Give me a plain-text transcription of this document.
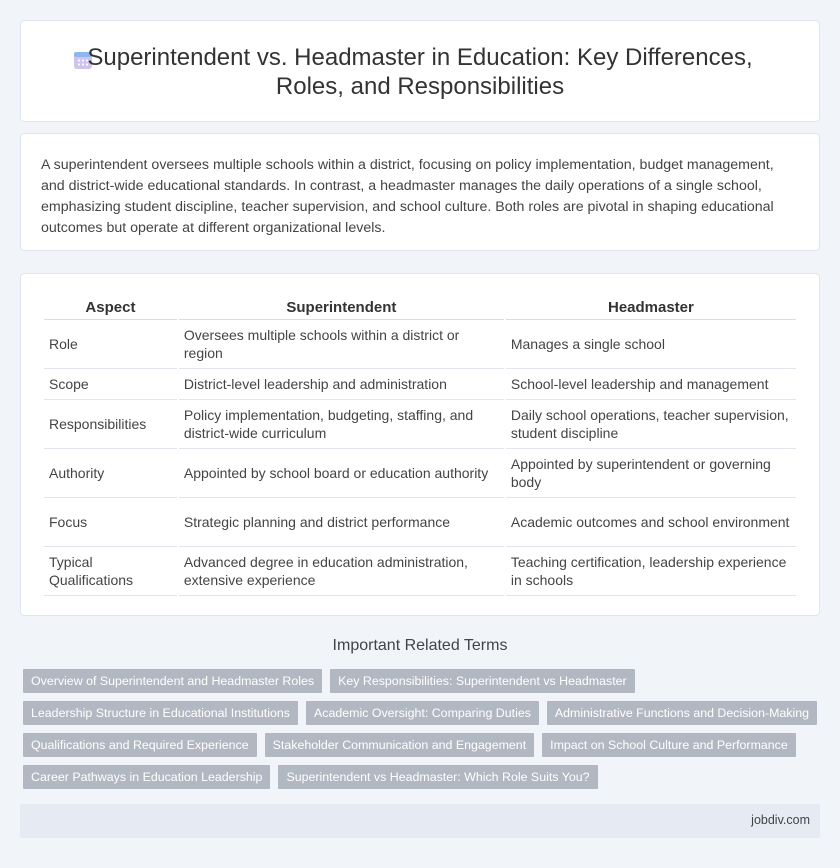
Superintendent vs. Headmaster in Education: Key Differences, Roles, and Responsibilities

A superintendent oversees multiple schools within a district, focusing on policy implementation, budget management, and district-wide educational standards. In contrast, a headmaster manages the daily operations of a single school, emphasizing student discipline, teacher supervision, and school culture. Both roles are pivotal in shaping educational outcomes but operate at different organizational levels.

Aspect	Superintendent	Headmaster
Role	Oversees multiple schools within a district or region	Manages a single school
Scope	District-level leadership and administration	School-level leadership and management
Responsibilities	Policy implementation, budgeting, staffing, and district-wide curriculum	Daily school operations, teacher supervision, student discipline
Authority	Appointed by school board or education authority	Appointed by superintendent or governing body
Focus	Strategic planning and district performance	Academic outcomes and school environment
Typical Qualifications	Advanced degree in education administration, extensive experience	Teaching certification, leadership experience in schools
Important Related Terms
Overview of Superintendent and Headmaster Roles	Key Responsibilities: Superintendent vs Headmaster
Leadership Structure in Educational Institutions	Academic Oversight: Comparing Duties	Administrative Functions and Decision-Making
Qualifications and Required Experience	Stakeholder Communication and Engagement	Impact on School Culture and Performance
Career Pathways in Education Leadership	Superintendent vs Headmaster: Which Role Suits You?
jobdiv.com
